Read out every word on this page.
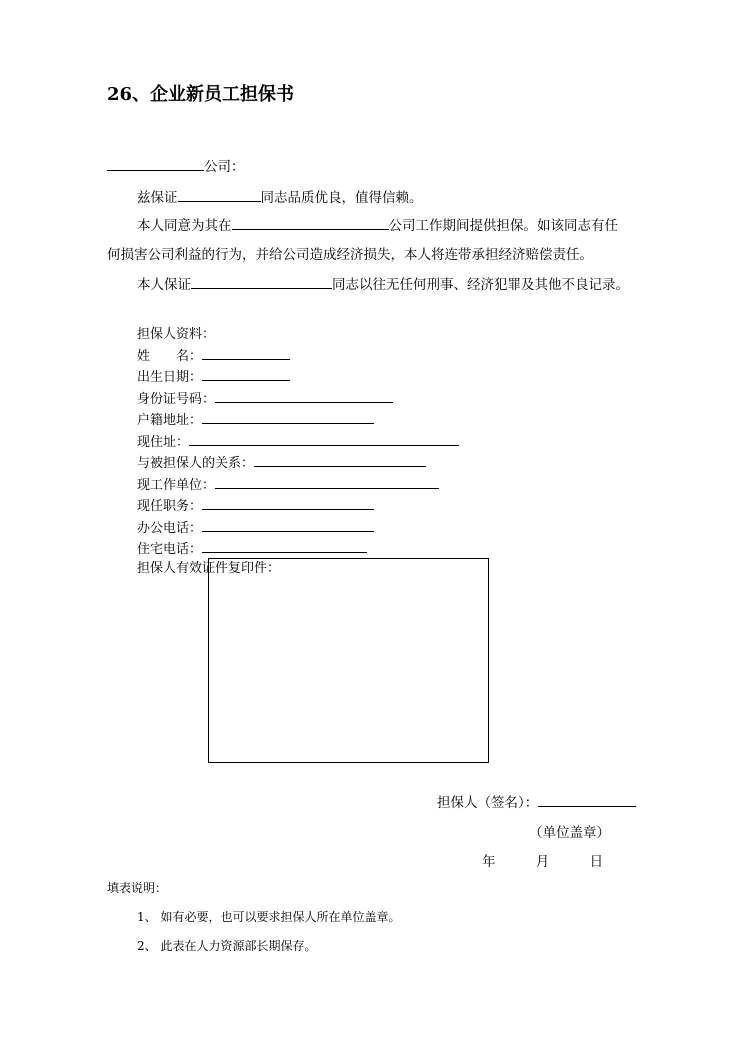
26、企业新员工担保书
公司：
兹保证	同志品质优良，值得信赖。
本人同意为其在	公司工作期间提供担保。如该同志有任
何损害公司利益的行为，并给公司造成经济损失，本人将连带承担经济赔偿责任。
本人保证	同志以往无任何刑事、经济犯罪及其他不良记录。
担保人资料：
姓　　名：
出生日期：
身份证号码：
户籍地址：
现住址：
与被担保人的关系：
现工作单位：
现任职务：
办公电话：
住宅电话：
担保人有效证件复印件：
担保人（签名）：
（单位盖章）
年	月	日
填表说明：
1、 如有必要，也可以要求担保人所在单位盖章。
2、 此表在人力资源部长期保存。
